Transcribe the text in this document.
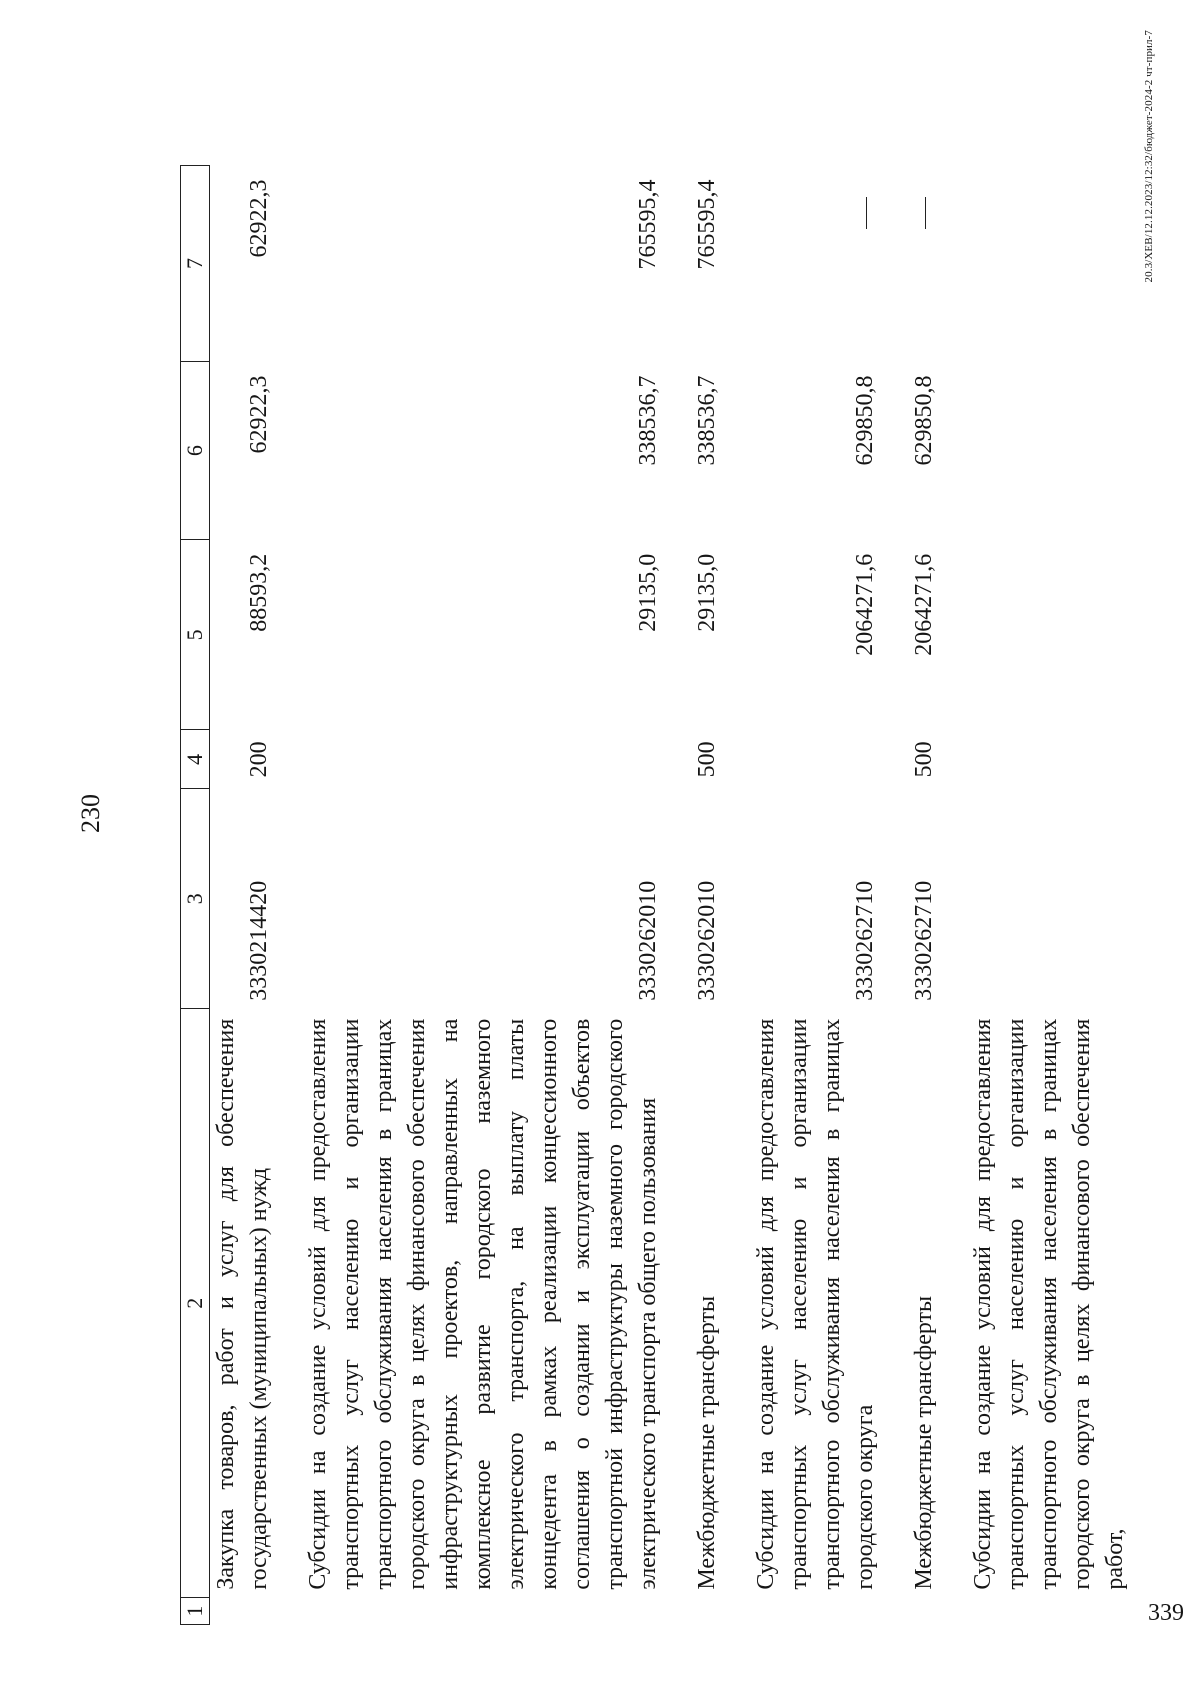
230
1	2	3	4	5	6	7
	Закупка товаров, работ и услуг для обеспечения государственных (муниципальных) нужд	3330214420	200	88593,2	62922,3	62922,3

	Субсидии на создание условий для предоставления транспортных услуг населению и организации транспортного обслуживания населения в границах городского округа в целях финансового обеспечения инфраструктурных проектов, направленных на комплексное развитие городского наземного электрического транспорта, на выплату платы концедента в рамках реализации концессионного соглашения о создании и эксплуатации объектов транспортной инфраструктуры наземного городского электрического транспорта общего пользования	3330262010		29135,0	338536,7	765595,4

	Межбюджетные трансферты	3330262010	500	29135,0	338536,7	765595,4

	Субсидии на создание условий для предоставления транспортных услуг населению и организации транспортного обслуживания населения в границах городского округа	3330262710		2064271,6	629850,8	

	Межбюджетные трансферты	3330262710	500	2064271,6	629850,8	

	Субсидии на создание условий для предоставления транспортных услуг населению и организации транспортного обслуживания населения в границах городского округа в целях финансового обеспечения работ,					
20.3/XEB/12.12.2023/12:32/бюджет-2024-2 чт-прил-7
339
